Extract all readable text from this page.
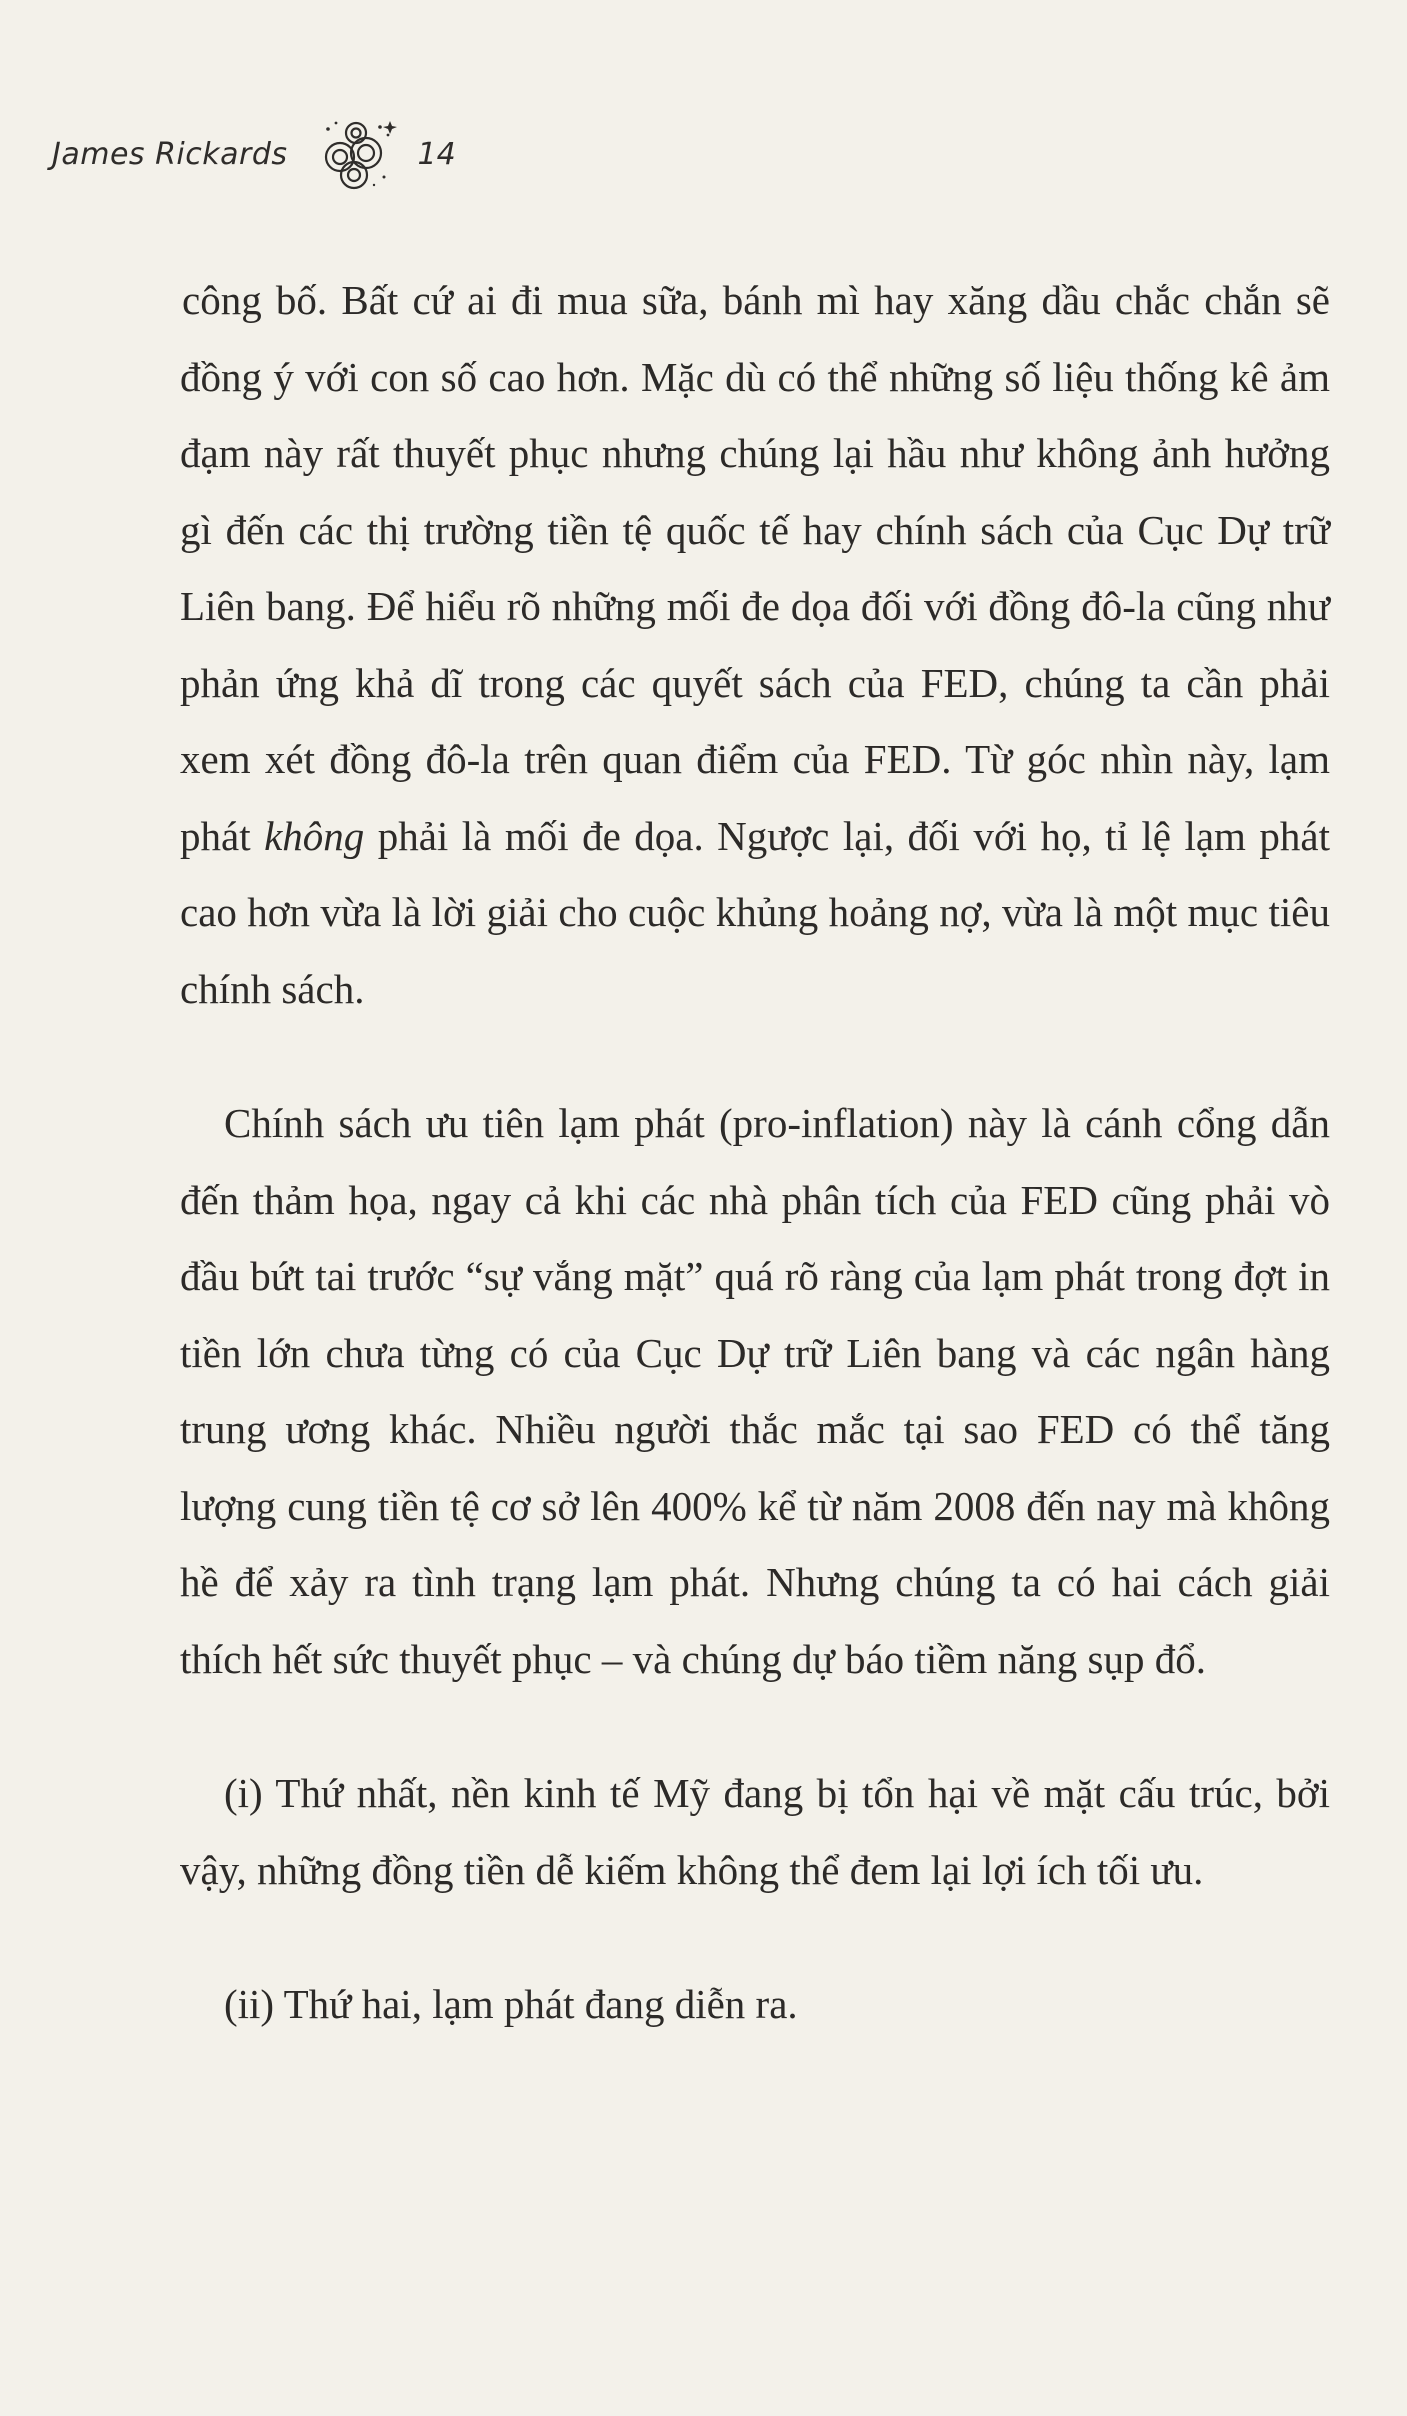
James Rickards	14

công bố. Bất cứ ai đi mua sữa, bánh mì hay xăng dầu chắc chắn sẽ đồng ý với con số cao hơn. Mặc dù có thể những số liệu thống kê ảm đạm này rất thuyết phục nhưng chúng lại hầu như không ảnh hưởng gì đến các thị trường tiền tệ quốc tế hay chính sách của Cục Dự trữ Liên bang. Để hiểu rõ những mối đe dọa đối với đồng đô-la cũng như phản ứng khả dĩ trong các quyết sách của FED, chúng ta cần phải xem xét đồng đô-la trên quan điểm của FED. Từ góc nhìn này, lạm phát không phải là mối đe dọa. Ngược lại, đối với họ, tỉ lệ lạm phát cao hơn vừa là lời giải cho cuộc khủng hoảng nợ, vừa là một mục tiêu chính sách.

Chính sách ưu tiên lạm phát (pro-inflation) này là cánh cổng dẫn đến thảm họa, ngay cả khi các nhà phân tích của FED cũng phải vò đầu bứt tai trước “sự vắng mặt” quá rõ ràng của lạm phát trong đợt in tiền lớn chưa từng có của Cục Dự trữ Liên bang và các ngân hàng trung ương khác. Nhiều người thắc mắc tại sao FED có thể tăng lượng cung tiền tệ cơ sở lên 400% kể từ năm 2008 đến nay mà không hề để xảy ra tình trạng lạm phát. Nhưng chúng ta có hai cách giải thích hết sức thuyết phục – và chúng dự báo tiềm năng sụp đổ.

(i) Thứ nhất, nền kinh tế Mỹ đang bị tổn hại về mặt cấu trúc, bởi vậy, những đồng tiền dễ kiếm không thể đem lại lợi ích tối ưu.

(ii) Thứ hai, lạm phát đang diễn ra.
